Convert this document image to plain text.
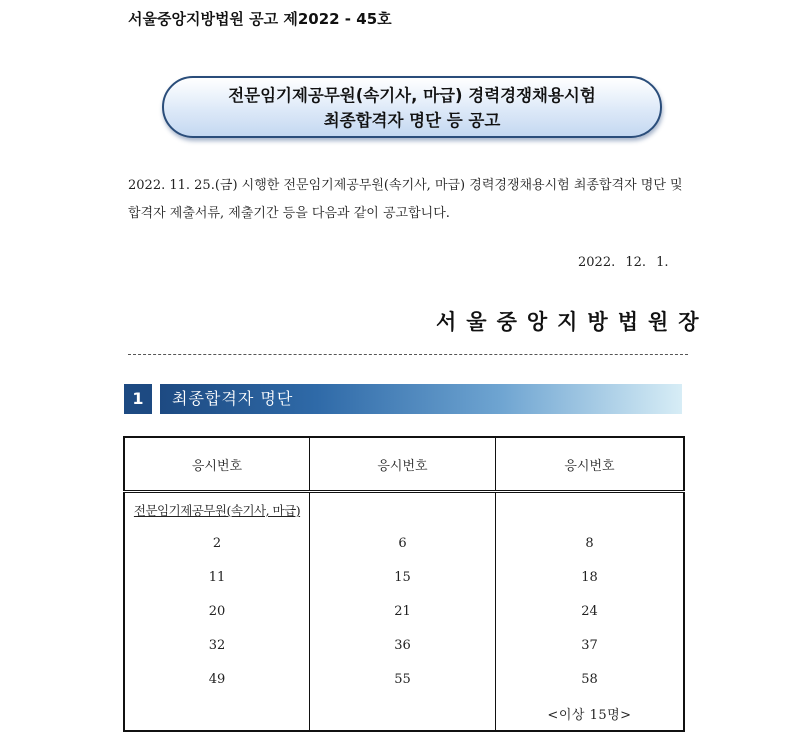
서울중앙지방법원 공고 제2022 - 45호
전문임기제공무원(속기사, 마급) 경력경쟁채용시험
최종합격자 명단 등 공고
2022. 11. 25.(금) 시행한 전문임기제공무원(속기사, 마급) 경력경쟁채용시험 최종합격자 명단 및 합격자 제출서류, 제출기간 등을 다음과 같이 공고합니다.
2022. 12. 1.
서울중앙지방법원장
1	최종합격자 명단
응시번호	응시번호	응시번호
전문임기제공무원(속기사, 마급)		
2	6	8
11	15	18
20	21	24
32	36	37
49	55	58
		<이상 15명>
